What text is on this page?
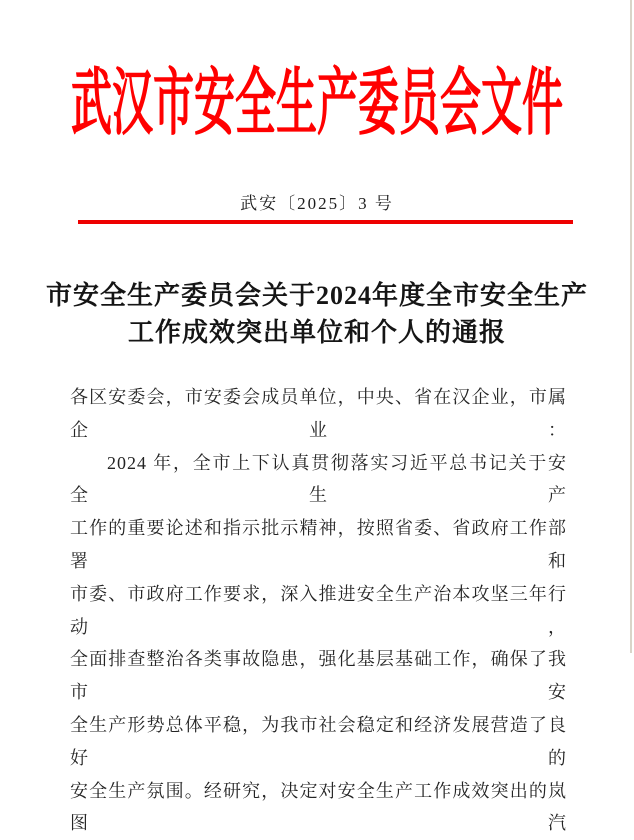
武汉市安全生产委员会文件
武安〔2025〕3 号
市安全生产委员会关于2024年度全市安全生产
工作成效突出单位和个人的通报
各区安委会，市安委会成员单位，中央、省在汉企业，市属企业：
2024 年，全市上下认真贯彻落实习近平总书记关于安全生产
工作的重要论述和指示批示精神，按照省委、省政府工作部署和
市委、市政府工作要求，深入推进安全生产治本攻坚三年行动，
全面排查整治各类事故隐患，强化基层基础工作，确保了我市安
全生产形势总体平稳，为我市社会稳定和经济发展营造了良好的
安全生产氛围。经研究，决定对安全生产工作成效突出的岚图汽
